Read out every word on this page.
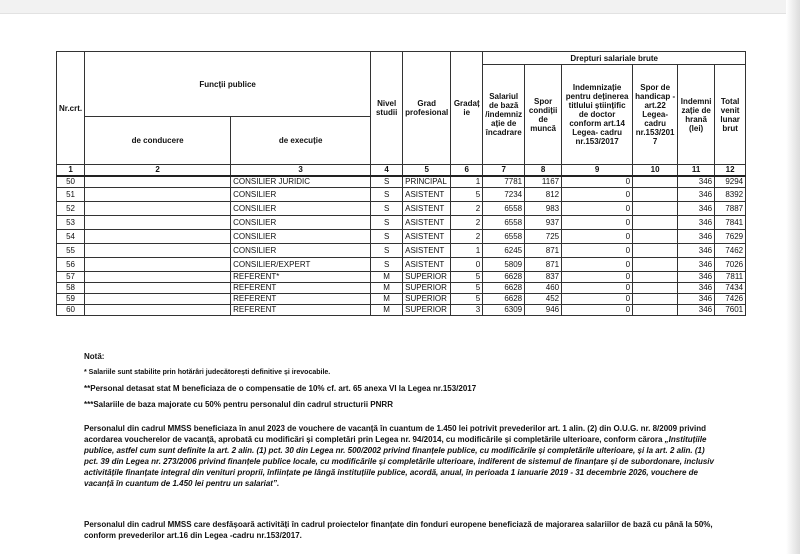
Nr.crt.	Funcții publice		Nivel studii	Grad profesional	Gradaț ie	Drepturi salariale brute					
						Salariul de bază /indemniz ație de încadrare	Spor condiții de muncă	Indemnizație pentru deținerea titlului științific de doctor conform art.14 Legea- cadru nr.153/2017	Spor de handicap - art.22 Legea-cadru nr.153/201 7	Indemni zație de hrană (lei)	Total venit lunar brut
	de conducere	de execuție									
1	2	3	4	5	6	7	8	9	10	11	12
50		CONSILIER JURIDIC	S	PRINCIPAL	1	7781	1167	0		346	9294
51		CONSILIER	S	ASISTENT	5	7234	812	0		346	8392
52		CONSILIER	S	ASISTENT	2	6558	983	0		346	7887
53		CONSILIER	S	ASISTENT	2	6558	937	0		346	7841
54		CONSILIER	S	ASISTENT	2	6558	725	0		346	7629
55		CONSILIER	S	ASISTENT	1	6245	871	0		346	7462
56		CONSILIER/EXPERT	S	ASISTENT	0	5809	871	0		346	7026
57		REFERENT*	M	SUPERIOR	5	6628	837	0		346	7811
58		REFERENT	M	SUPERIOR	5	6628	460	0		346	7434
59		REFERENT	M	SUPERIOR	5	6628	452	0		346	7426
60		REFERENT	M	SUPERIOR	3	6309	946	0		346	7601
Notă:
* Salariile sunt stabilite prin hotărâri judecătorești definitive și irevocabile.
**Personal detasat stat M beneficiaza de o compensatie de 10% cf. art. 65 anexa VI la Legea nr.153/2017
***Salariile de baza majorate cu 50% pentru personalul din cadrul structurii PNRR
Personalul din cadrul MMSS beneficiaza în anul 2023 de vouchere de vacanță în cuantum de 1.450 lei potrivit prevederilor art. 1 alin. (2) din O.U.G. nr. 8/2009 privind acordarea voucherelor de vacanță, aprobată cu modificări și completări prin Legea nr. 94/2014, cu modificările și completările ulterioare, conform cărora „Instituțiile publice, astfel cum sunt definite la art. 2 alin. (1) pct. 30 din Legea nr. 500/2002 privind finanțele publice, cu modificările și completările ulterioare, și la art. 2 alin. (1) pct. 39 din Legea nr. 273/2006 privind finanțele publice locale, cu modificările și completările ulterioare, indiferent de sistemul de finanțare și de subordonare, inclusiv activitățile finanțate integral din venituri proprii, înființate pe lângă instituțiile publice, acordă, anual, în perioada 1 ianuarie 2019 - 31 decembrie 2026, vouchere de vacanță în cuantum de 1.450 lei pentru un salariat”.
Personalul din cadrul MMSS care desfășoară activități în cadrul proiectelor finanțate din fonduri europene beneficiază de majorarea salariilor de bază cu până la 50%, conform prevederilor art.16 din Legea -cadru nr.153/2017.
